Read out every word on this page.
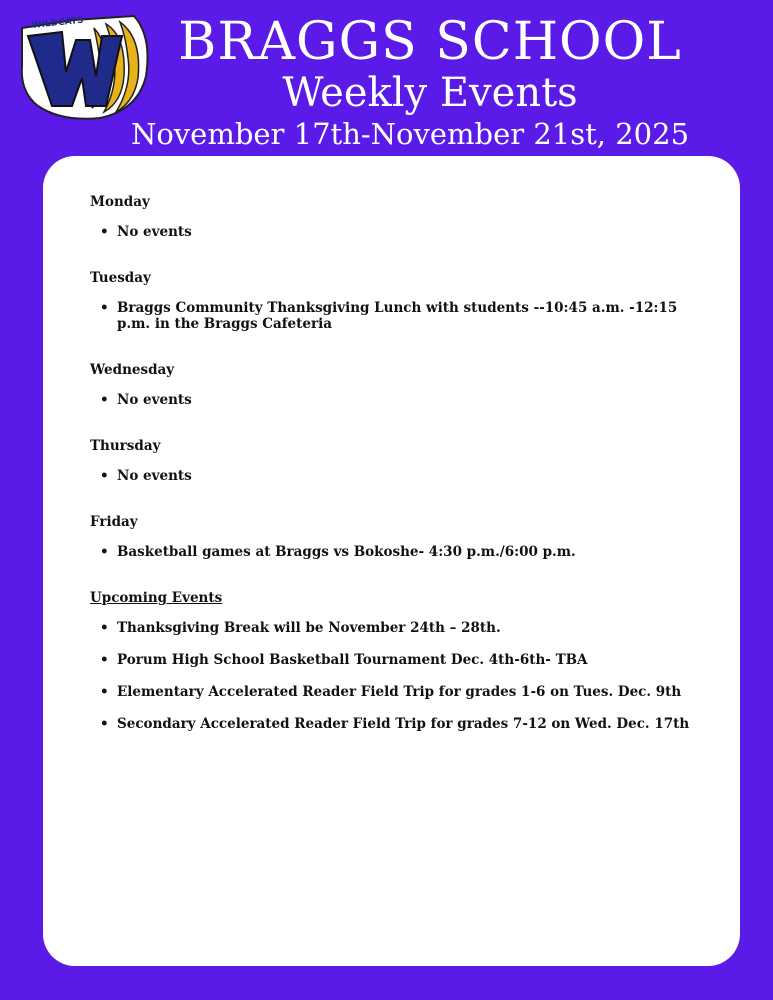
WILDCATS	BRAGGS SCHOOL
Weekly Events
November 17th-November 21st, 2025
Monday
• No events
Tuesday
• Braggs Community Thanksgiving Lunch with students --10:45 a.m. -12:15 p.m. in the Braggs Cafeteria
Wednesday
• No events
Thursday
• No events
Friday
• Basketball games at Braggs vs Bokoshe- 4:30 p.m./6:00 p.m.
Upcoming Events
• Thanksgiving Break will be November 24th – 28th.
• Porum High School Basketball Tournament Dec. 4th-6th- TBA
• Elementary Accelerated Reader Field Trip for grades 1-6 on Tues. Dec. 9th
• Secondary Accelerated Reader Field Trip for grades 7-12 on Wed. Dec. 17th
